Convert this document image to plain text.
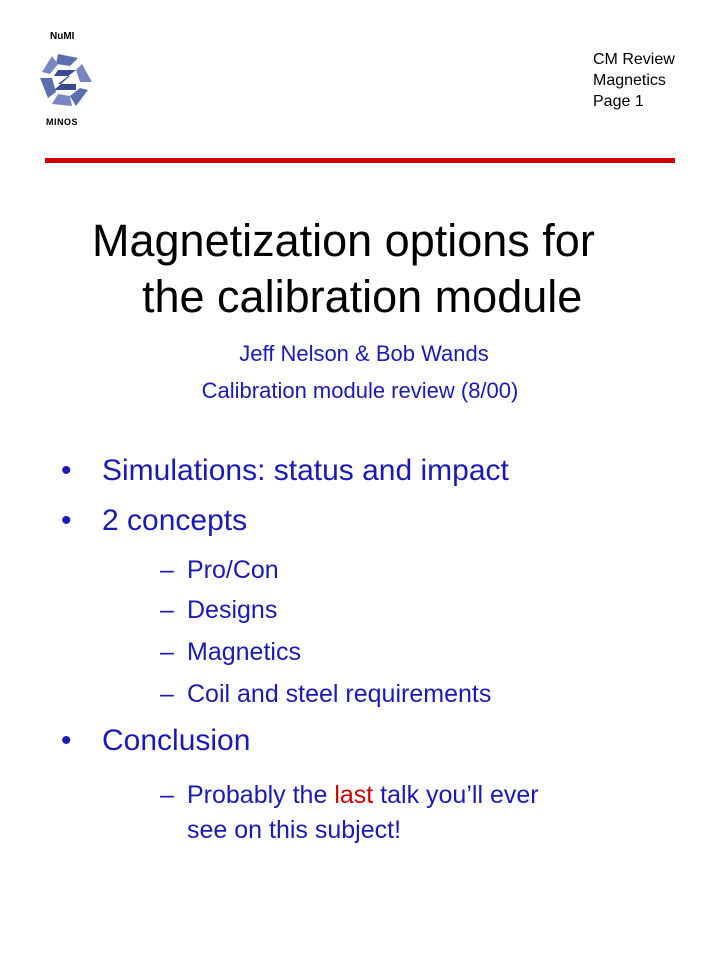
NuMI
MINOS
CM Review
Magnetics
Page 1
Magnetization options for
the calibration module
Jeff Nelson & Bob Wands
Calibration module review (8/00)
• Simulations: status and impact
• 2 concepts
– Pro/Con
– Designs
– Magnetics
– Coil and steel requirements
• Conclusion
– Probably the last talk you’ll ever
see on this subject!
